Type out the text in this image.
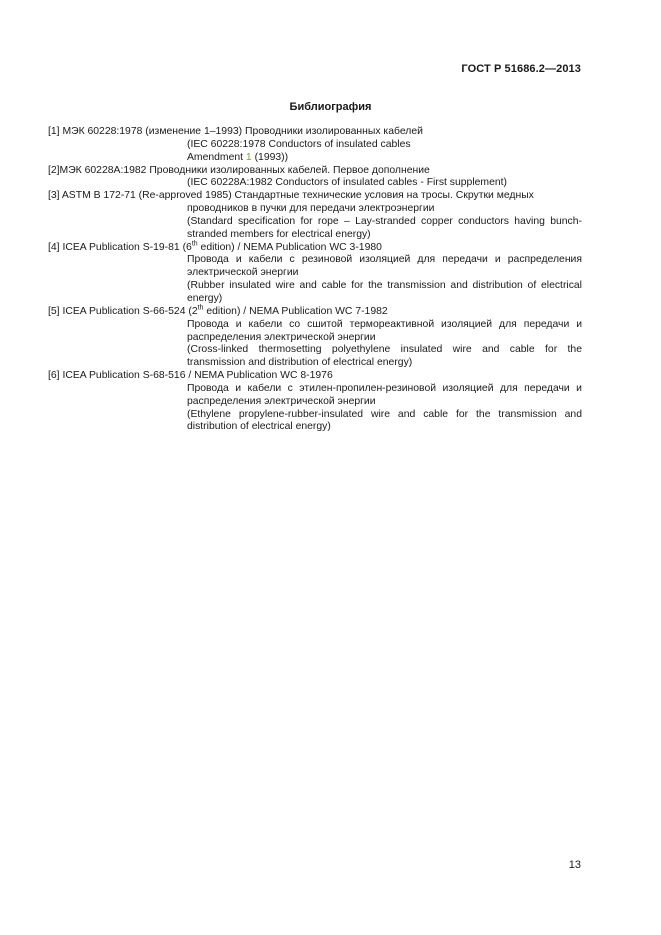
ГОСТ Р 51686.2—2013
Библиография
[1] МЭК 60228:1978 (изменение 1–1993) Проводники изолированных кабелей
(IEC 60228:1978 Conductors of insulated cables
Amendment 1 (1993))
[2]МЭК 60228А:1982 Проводники изолированных кабелей. Первое дополнение
(IEC 60228A:1982 Conductors of insulated cables - First supplement)
[3] ASTM B 172-71 (Re-approved 1985) Стандартные технические условия на тросы. Скрутки медных
проводников в пучки для передачи электроэнергии
(Standard specification for rope – Lay-stranded copper conductors having bunch-stranded members for electrical energy)
[4] ICEA Publication S-19-81 (6th edition) / NEMA Publication WC 3-1980
Провода и кабели с резиновой изоляцией для передачи и распределения электрической энергии
(Rubber insulated wire and cable for the transmission and distribution of electrical energy)
[5] ICEA Publication S-66-524 (2th edition) / NEMA Publication WC 7-1982
Провода и кабели со сшитой термореактивной изоляцией для передачи и распределения электрической энергии
(Cross-linked thermosetting polyethylene insulated wire and cable for the transmission and distribution of electrical energy)
[6] ICEA Publication S-68-516 / NEMA Publication WC 8-1976
Провода и кабели с этилен-пропилен-резиновой изоляцией для передачи и распределения электрической энергии
(Ethylene propylene-rubber-insulated wire and cable for the transmission and distribution of electrical energy)
13
